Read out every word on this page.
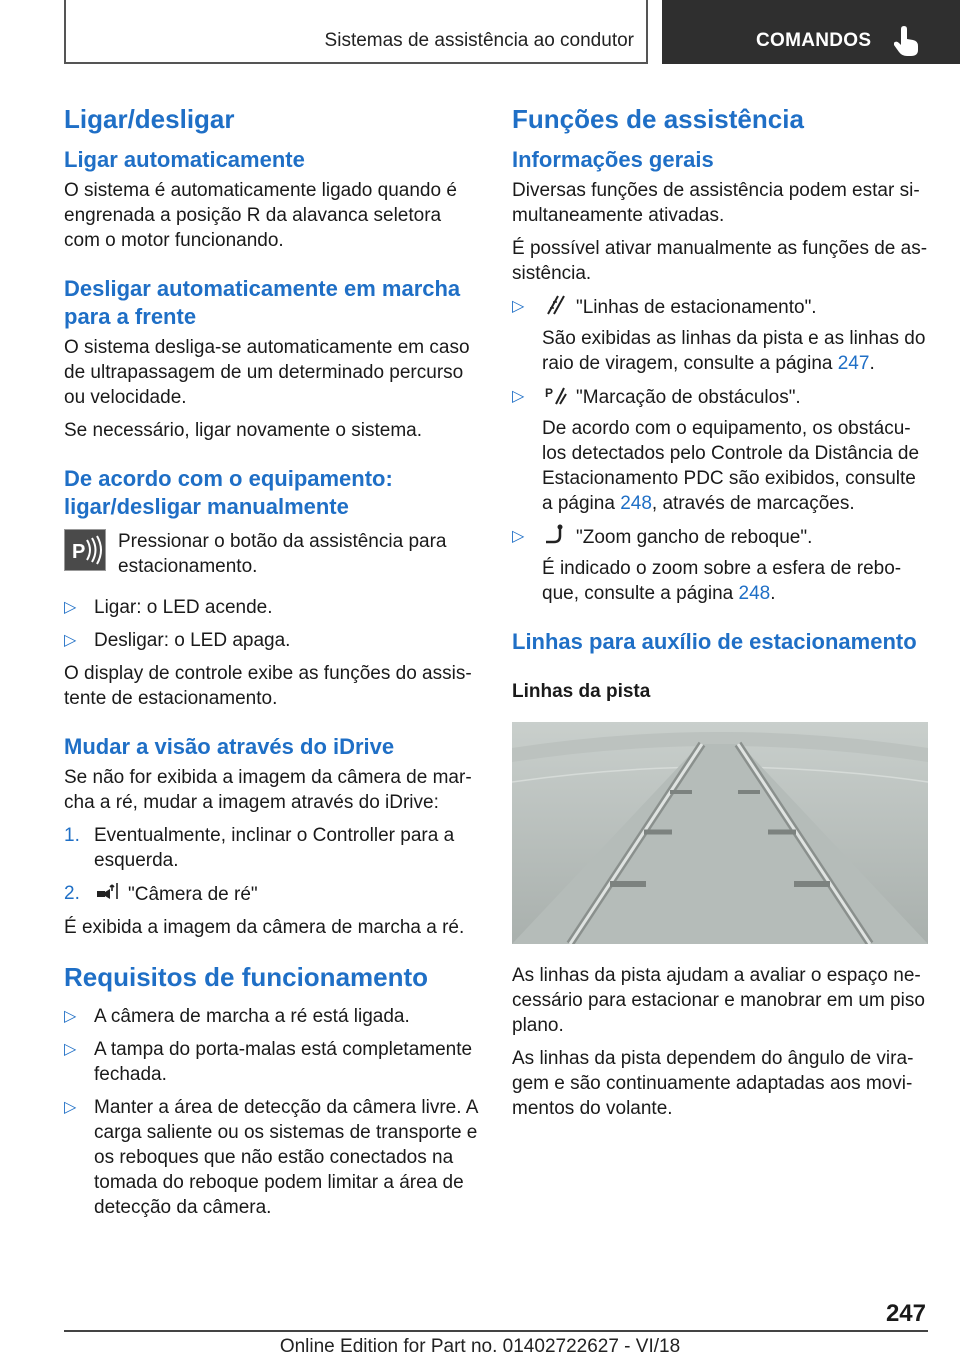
Sistemas de assistência ao condutor	COMANDOS
Ligar/desligar
Ligar automaticamente

O sistema é automaticamente ligado quando é engrenada a posição R da alavanca seletora com o motor funcionando.

Desligar automaticamente em marcha para a frente

O sistema desliga-se automaticamente em caso de ultrapassagem de um determinado percurso ou velocidade.

Se necessário, ligar novamente o sistema.

De acordo com o equipamento: ligar/desligar manualmente
P Pressionar o botão da assistência para estacionamento.
▷ Ligar: o LED acende.
▷ Desligar: o LED apaga.

O display de controle exibe as funções do assistente de estacionamento.

Mudar a visão através do iDrive

Se não for exibida a imagem da câmera de marcha a ré, mudar a imagem através do iDrive:

1. Eventualmente, inclinar o Controller para a esquerda.
2.	"Câmera de ré"

É exibida a imagem da câmera de marcha a ré.

Requisitos de funcionamento
▷ A câmera de marcha a ré está ligada.
▷ A tampa do porta-malas está completamente fechada.
▷ Manter a área de detecção da câmera livre. A carga saliente ou os sistemas de transporte e os reboques que não estão conectados na tomada do reboque podem limitar a área de detecção da câmera.
Funções de assistência
Informações gerais

Diversas funções de assistência podem estar simultaneamente ativadas.

É possível ativar manualmente as funções de assistência.

▷	"Linhas de estacionamento".
São exibidas as linhas da pista e as linhas do raio de viragem, consulte a página 247.
▷ P "Marcação de obstáculos".
De acordo com o equipamento, os obstáculos detectados pelo Controle da Distância de Estacionamento PDC são exibidos, consulte a página 248, através de marcações.
▷	"Zoom gancho de reboque".
É indicado o zoom sobre a esfera de reboque, consulte a página 248.
Linhas para auxílio de estacionamento
Linhas da pista

As linhas da pista ajudam a avaliar o espaço necessário para estacionar e manobrar em um piso plano.

As linhas da pista dependem do ângulo de viragem e são continuamente adaptadas aos movimentos do volante.

247
Online Edition for Part no. 01402722627 - VI/18
